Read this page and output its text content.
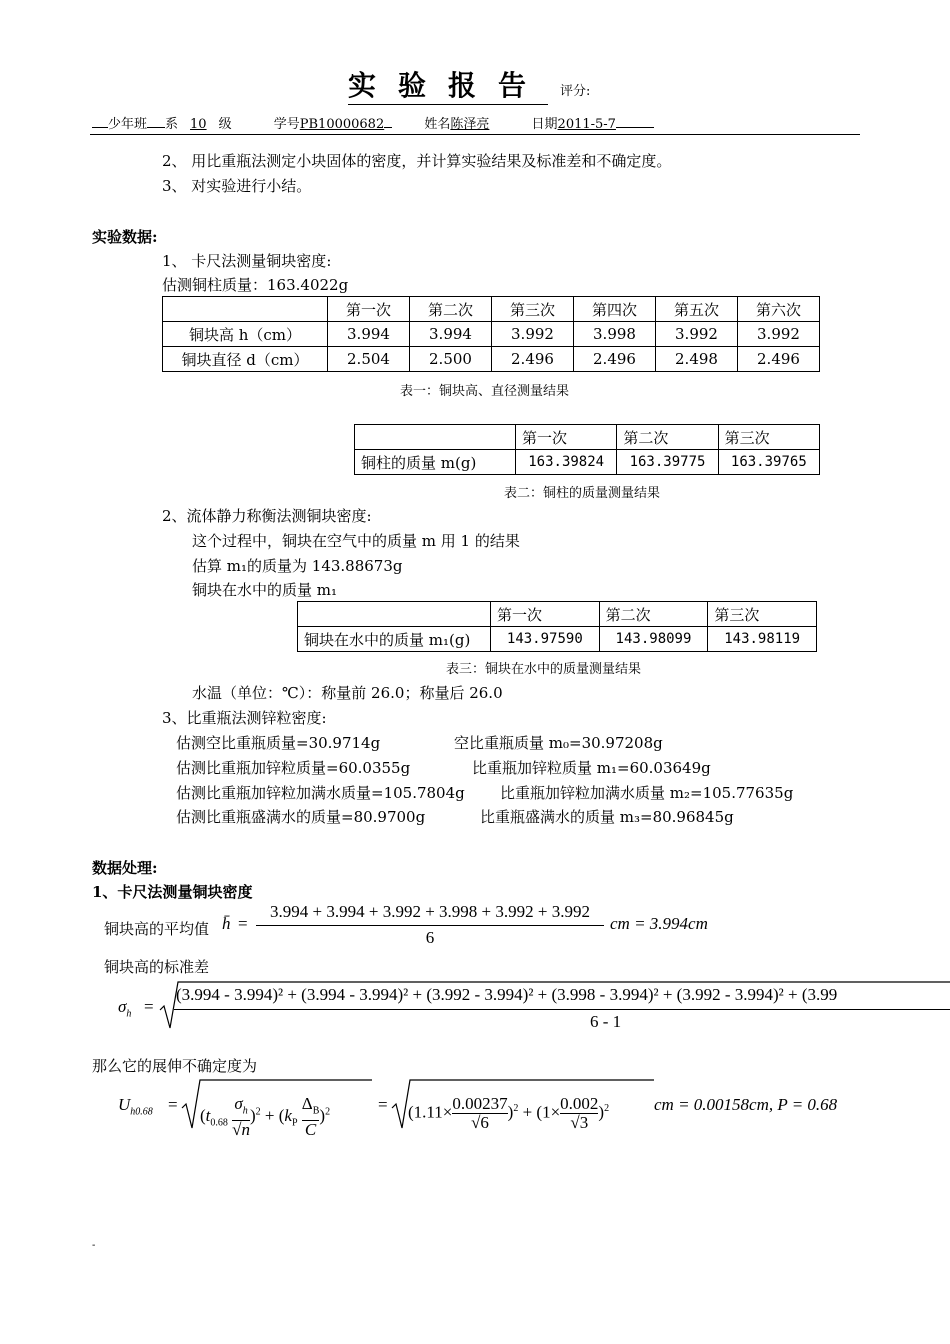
实验报告 评分:
少年班 系 10 级	学号PB10000682	姓名陈泽亮	日期2011-5-7
2、 用比重瓶法测定小块固体的密度，并计算实验结果及标准差和不确定度。
3、 对实验进行小结。
实验数据:
1、 卡尺法测量铜块密度:
估测铜柱质量：163.4022g
	第一次	第二次	第三次	第四次	第五次	第六次
铜块高 h（cm）	3.994	3.994	3.992	3.998	3.992	3.992
铜块直径 d（cm）	2.504	2.500	2.496	2.496	2.498	2.496
表一：铜块高、直径测量结果
	第一次	第二次	第三次
铜柱的质量 m(g)	163.39824	163.39775	163.39765
表二：铜柱的质量测量结果
2、流体静力称衡法测铜块密度:
这个过程中，铜块在空气中的质量 m 用 1 的结果
估算 m₁的质量为 143.88673g
铜块在水中的质量 m₁
	第一次	第二次	第三次
铜块在水中的质量 m₁(g)	143.97590	143.98099	143.98119
表三：铜块在水中的质量测量结果
水温（单位：℃）：称量前 26.0；称量后 26.0
3、比重瓶法测锌粒密度:
估测空比重瓶质量=30.9714g	空比重瓶质量 m₀=30.97208g
估测比重瓶加锌粒质量=60.0355g	比重瓶加锌粒质量 m₁=60.03649g
估测比重瓶加锌粒加满水质量=105.7804g 比重瓶加锌粒加满水质量 m₂=105.77635g
估测比重瓶盛满水的质量=80.9700g	比重瓶盛满水的质量 m₃=80.96845g
数据处理:
1、卡尺法测量铜块密度
铜块高的平均值 h̄ =
3.994 + 3.994 + 3.992 + 3.998 + 3.992 + 3.992
6
cm = 3.994cm
铜块高的标准差
$\sigma_h$ =
(3.994 - 3.994)² + (3.994 - 3.994)² + (3.992 - 3.994)² + (3.998 - 3.994)² + (3.992 - 3.994)² + (3.99
6 - 1
那么它的展伸不确定度为
$U_{h0.68}$ =
$(t_{0.68} \frac{\sigma_h}{√n} )^2 + (k_P \frac{\Delta_B}{C} )^2$	= $(1.11\times \frac{0.00237}{√6} )^2 + (1\times \frac{0.002}{√3} )^2$	cm = 0.00158cm, P = 0.68
-
